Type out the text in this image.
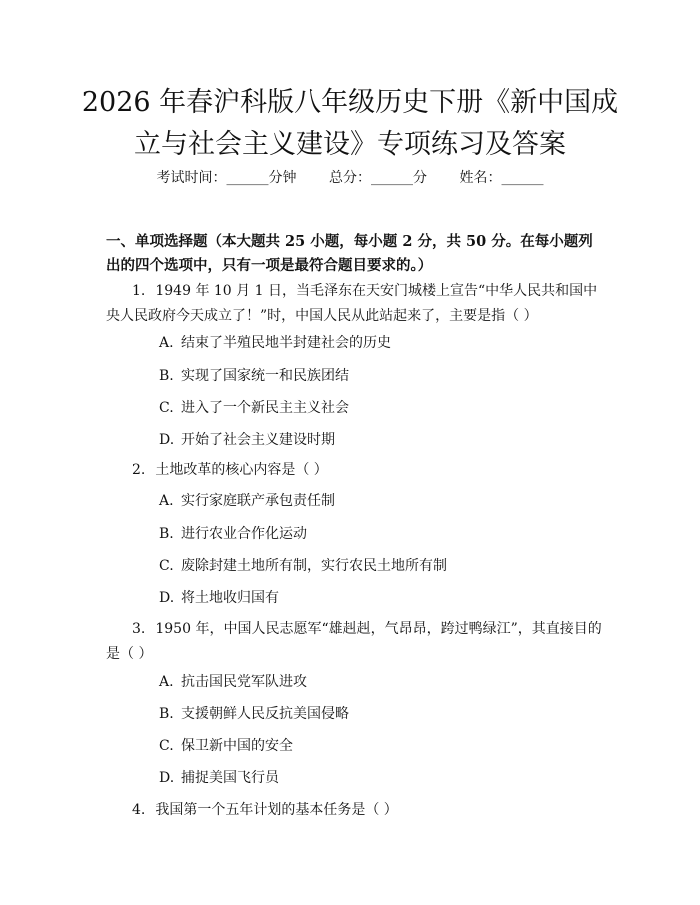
2026 年春沪科版八年级历史下册《新中国成
立与社会主义建设》专项练习及答案
考试时间：______分钟 总分：______分 姓名：______

一、单项选择题（本大题共 25 小题，每小题 2 分，共 50 分。在每小题列出的四个选项中，只有一项是最符合题目要求的。）

1. 1949 年 10 月 1 日，当毛泽东在天安门城楼上宣告“中华人民共和国中央人民政府今天成立了！”时，中国人民从此站起来了，主要是指（ ）

A. 结束了半殖民地半封建社会的历史

B. 实现了国家统一和民族团结

C. 进入了一个新民主主义社会

D. 开始了社会主义建设时期

2. 土地改革的核心内容是（ ）

A. 实行家庭联产承包责任制

B. 进行农业合作化运动

C. 废除封建土地所有制，实行农民土地所有制

D. 将土地收归国有

3. 1950 年，中国人民志愿军“雄赳赳，气昂昂，跨过鸭绿江”，其直接目的是（ ）

A. 抗击国民党军队进攻

B. 支援朝鲜人民反抗美国侵略

C. 保卫新中国的安全

D. 捕捉美国飞行员

4. 我国第一个五年计划的基本任务是（ ）
